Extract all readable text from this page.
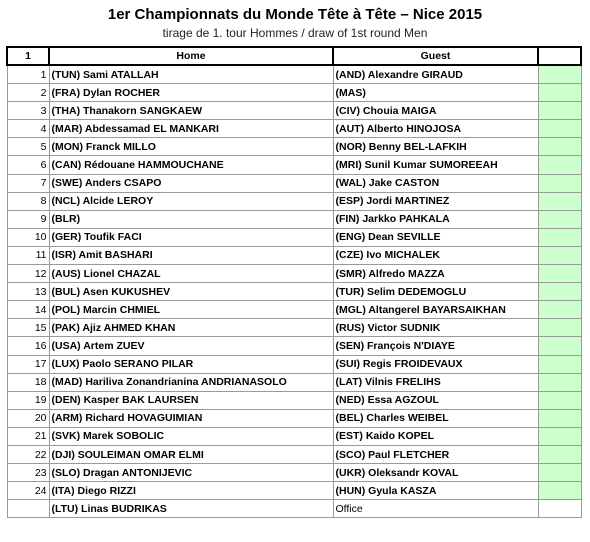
1er Championnats du Monde Tête à Tête – Nice 2015
tirage de 1. tour Hommes / draw of 1st round Men
1	Home	Guest	
1	(TUN) Sami ATALLAH	(AND) Alexandre GIRAUD	
2	(FRA) Dylan ROCHER	(MAS)	
3	(THA) Thanakorn SANGKAEW	(CIV) Chouia MAIGA	
4	(MAR) Abdessamad EL MANKARI	(AUT) Alberto HINOJOSA	
5	(MON) Franck MILLO	(NOR) Benny BEL-LAFKIH	
6	(CAN) Rédouane HAMMOUCHANE	(MRI) Sunil Kumar SUMOREEAH	
7	(SWE) Anders CSAPO	(WAL) Jake CASTON	
8	(NCL) Alcide LEROY	(ESP) Jordi MARTINEZ	
9	(BLR)	(FIN) Jarkko PAHKALA	
10	(GER) Toufik FACI	(ENG) Dean SEVILLE	
11	(ISR) Amit BASHARI	(CZE) Ivo MICHALEK	
12	(AUS) Lionel CHAZAL	(SMR) Alfredo MAZZA	
13	(BUL) Asen KUKUSHEV	(TUR) Selim DEDEMOGLU	
14	(POL) Marcin CHMIEL	(MGL) Altangerel BAYARSAIKHAN	
15	(PAK) Ajiz AHMED KHAN	(RUS) Victor SUDNIK	
16	(USA) Artem ZUEV	(SEN) François N'DIAYE	
17	(LUX) Paolo SERANO PILAR	(SUI) Regis FROIDEVAUX	
18	(MAD) Hariliva Zonandrianina ANDRIANASOLO	(LAT) Vilnis FRELIHS	
19	(DEN) Kasper BAK LAURSEN	(NED) Essa AGZOUL	
20	(ARM) Richard HOVAGUIMIAN	(BEL) Charles WEIBEL	
21	(SVK) Marek SOBOLIC	(EST) Kaido KOPEL	
22	(DJI) SOULEIMAN OMAR ELMI	(SCO) Paul FLETCHER	
23	(SLO) Dragan ANTONIJEVIC	(UKR) Oleksandr KOVAL	
24	(ITA) Diego RIZZI	(HUN) Gyula KASZA	
	(LTU) Linas BUDRIKAS	Office	
